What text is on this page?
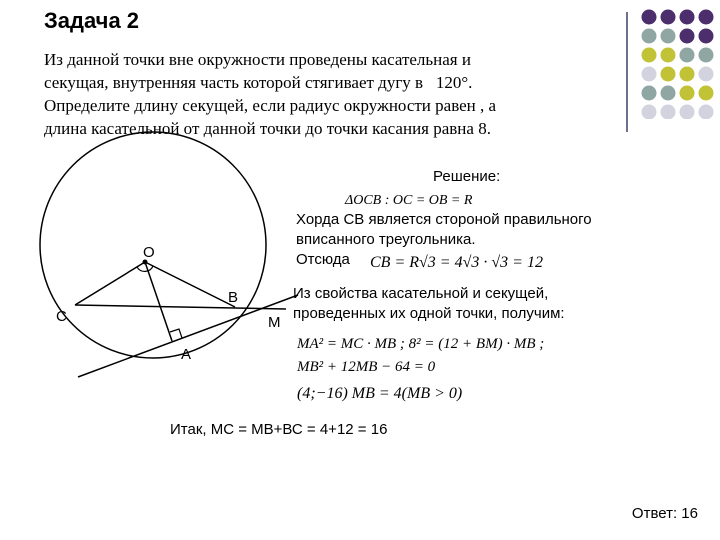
Задача 2
Из данной точки вне окружности проведены касательная и
секущая, внутренняя часть которой стягивает дугу в 120°.
Определите длину секущей, если радиус окружности равен , а
длина касательной от данной точки до точки касания равна 8.
Решение:
ΔOCB : OC = OB = R
Хорда СВ является стороной правильного
вписанного треугольника.
Отсюда	CB = R√3 = 4√3 · √3 = 12
Из свойства касательной и секущей,
проведенных их одной точки, получим:
MA² = MC · MB ; 8² = (12 + BM) · MB ;
MB² + 12MB − 64 = 0
(4;−16) MB = 4(MB > 0)
Итак, МС = МВ+ВС = 4+12 = 16
Ответ: 16
О
С
В
М
А
